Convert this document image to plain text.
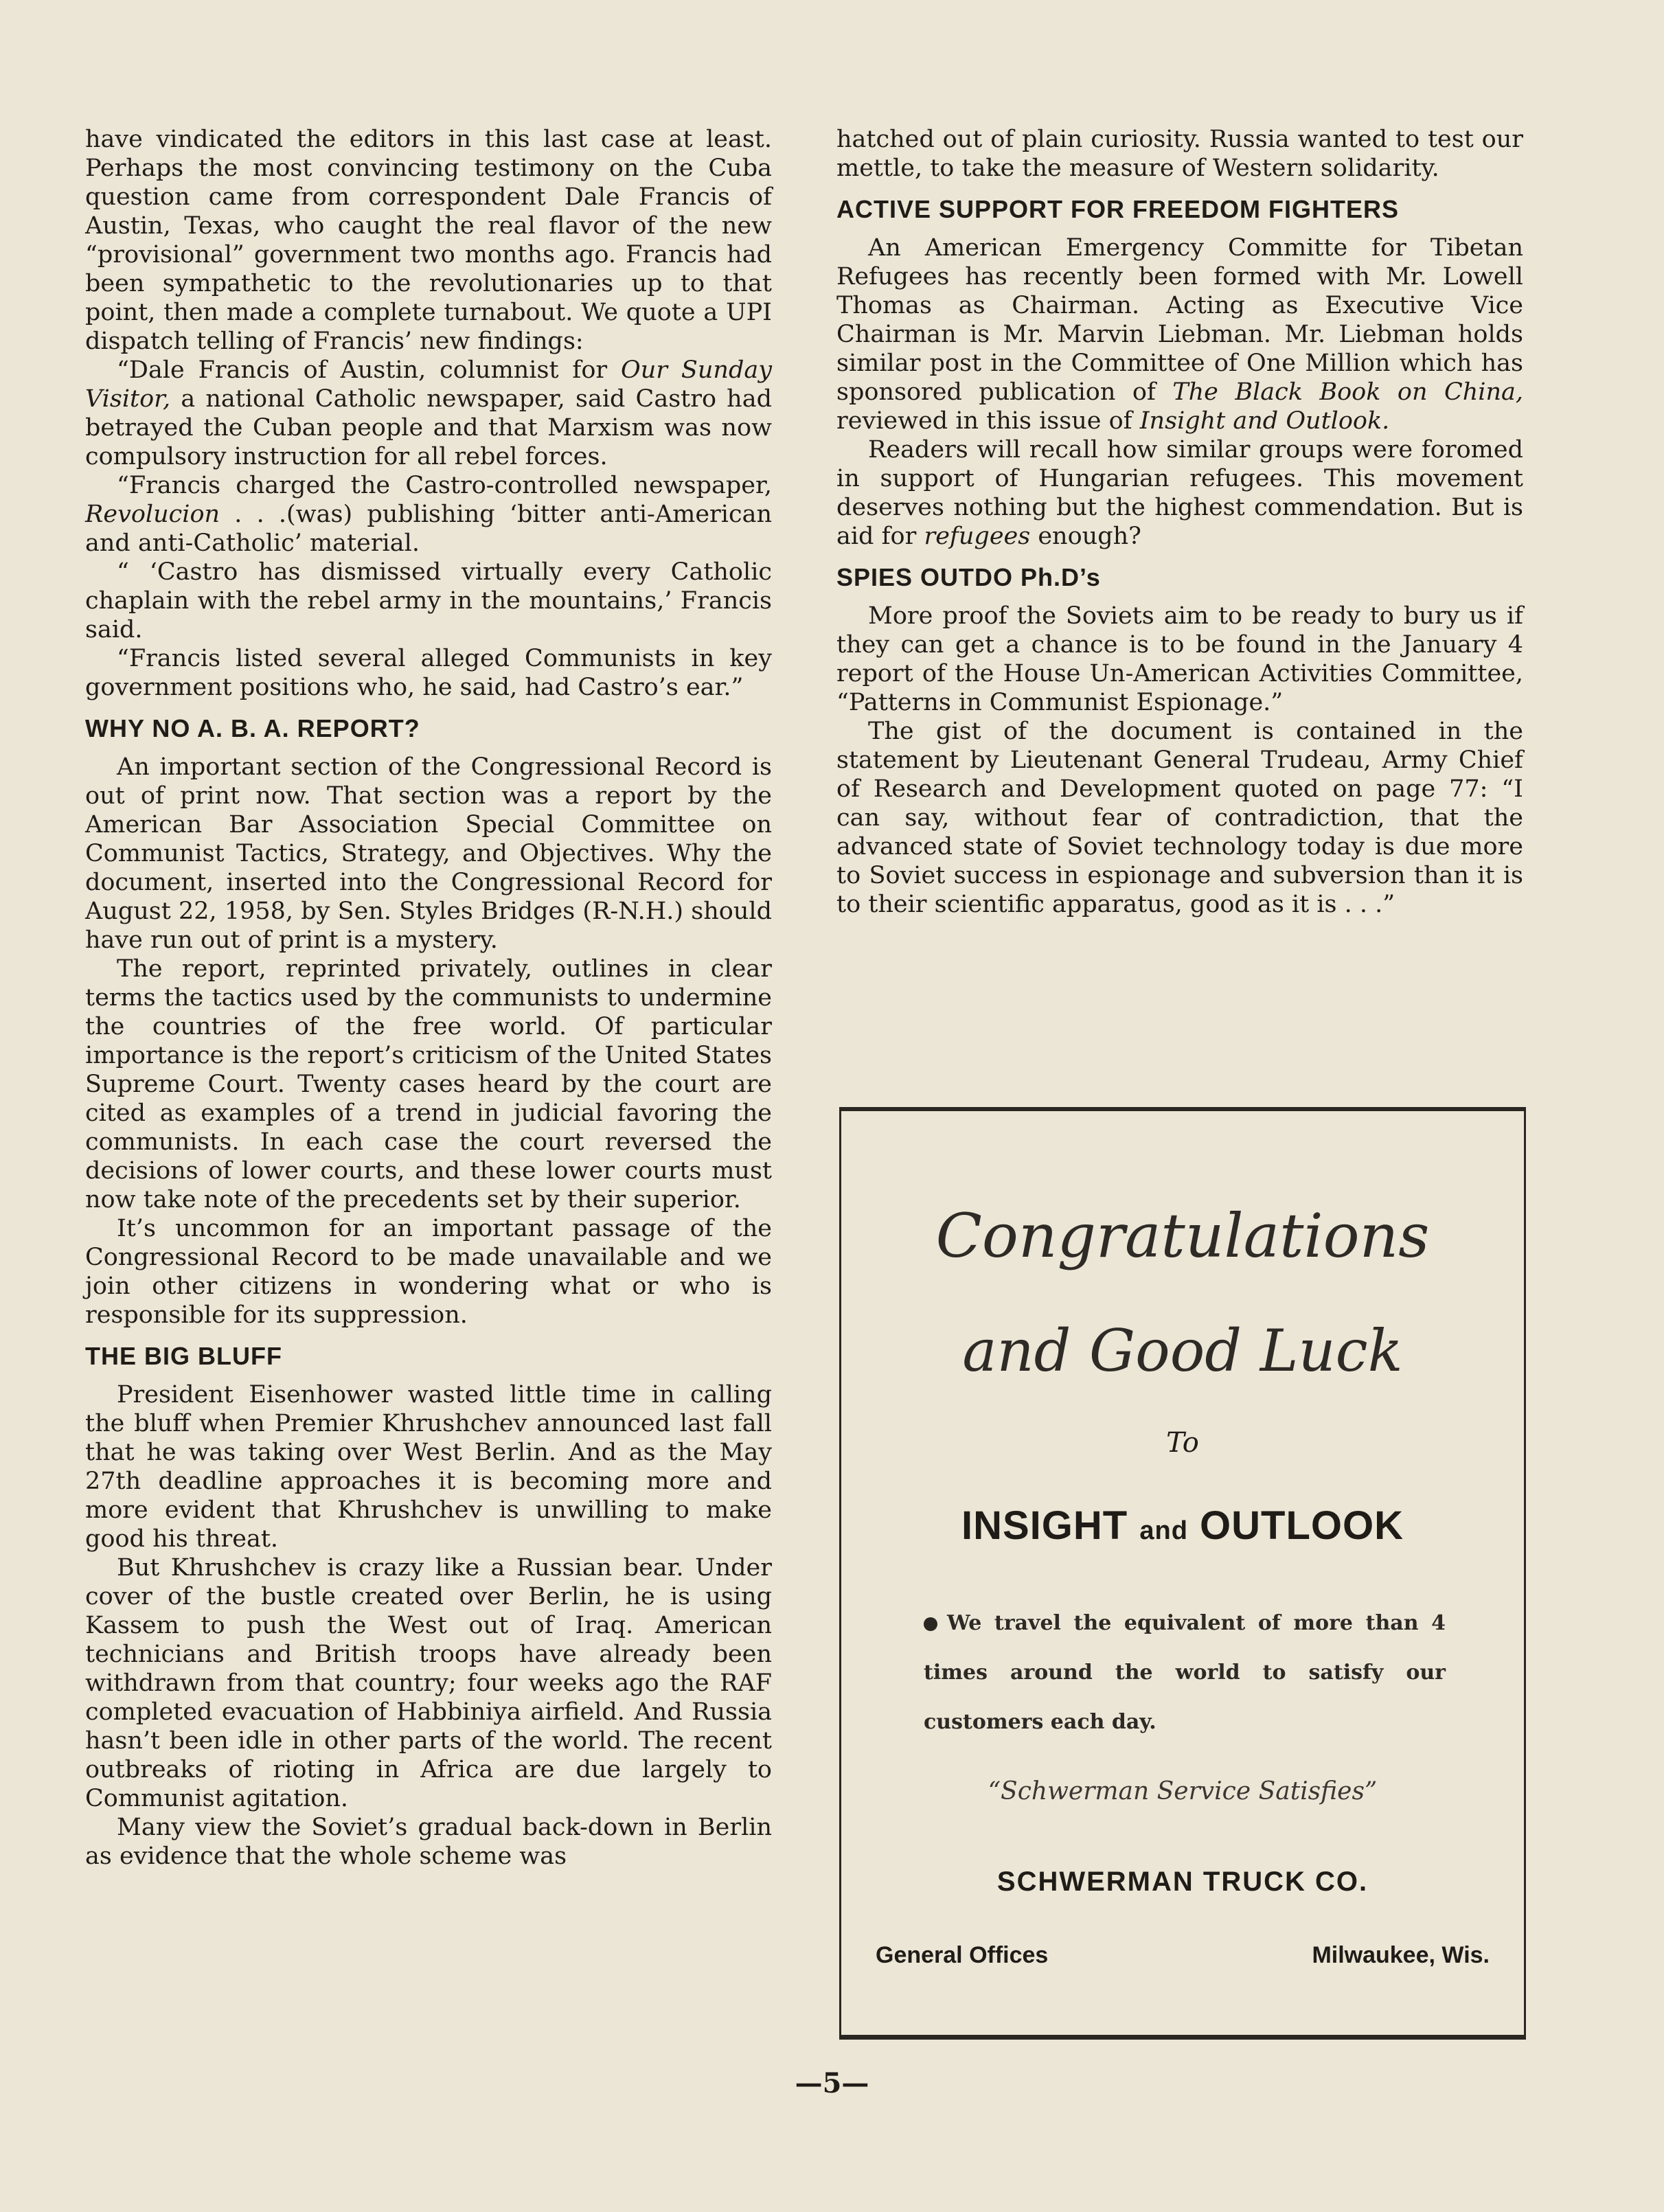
have vindicated the editors in this last case at least. Perhaps the most convincing testimony on the Cuba question came from correspondent Dale Francis of Austin, Texas, who caught the real flavor of the new “provisional” government two months ago. Francis had been sympathetic to the revolutionaries up to that point, then made a complete turnabout. We quote a UPI dispatch telling of Francis’ new findings:

“Dale Francis of Austin, columnist for Our Sunday Visitor, a national Catholic newspaper, said Castro had betrayed the Cuban people and that Marxism was now compulsory instruction for all rebel forces.

“Francis charged the Castro-controlled newspaper, Revolucion . . .(was) publishing ‘bitter anti-American and anti-Catholic’ material.

“ ‘Castro has dismissed virtually every Catholic chaplain with the rebel army in the mountains,’ Francis said.

“Francis listed several alleged Communists in key government positions who, he said, had Castro’s ear.”

WHY NO A. B. A. REPORT?

An important section of the Congressional Record is out of print now. That section was a report by the American Bar Association Special Committee on Communist Tactics, Strategy, and Objectives. Why the document, inserted into the Congressional Record for August 22, 1958, by Sen. Styles Bridges (R-N.H.) should have run out of print is a mystery.

The report, reprinted privately, outlines in clear terms the tactics used by the communists to undermine the countries of the free world. Of particular importance is the report’s criticism of the United States Supreme Court. Twenty cases heard by the court are cited as examples of a trend in judicial favoring the communists. In each case the court reversed the decisions of lower courts, and these lower courts must now take note of the precedents set by their superior.

It’s uncommon for an important passage of the Congressional Record to be made unavailable and we join other citizens in wondering what or who is responsible for its suppression.

THE BIG BLUFF

President Eisenhower wasted little time in calling the bluff when Premier Khrushchev announced last fall that he was taking over West Berlin. And as the May 27th deadline approaches it is becoming more and more evident that Khrushchev is unwilling to make good his threat.

But Khrushchev is crazy like a Russian bear. Under cover of the bustle created over Berlin, he is using Kassem to push the West out of Iraq. American technicians and British troops have already been withdrawn from that country; four weeks ago the RAF completed evacuation of Habbiniya airfield. And Russia hasn’t been idle in other parts of the world. The recent outbreaks of rioting in Africa are due largely to Communist agitation.

Many view the Soviet’s gradual back-down in Berlin as evidence that the whole scheme was

hatched out of plain curiosity. Russia wanted to test our mettle, to take the measure of Western solidarity.

ACTIVE SUPPORT FOR FREEDOM FIGHTERS

An American Emergency Committe for Tibetan Refugees has recently been formed with Mr. Lowell Thomas as Chairman. Acting as Executive Vice Chairman is Mr. Marvin Liebman. Mr. Liebman holds similar post in the Committee of One Million which has sponsored publication of The Black Book on China, reviewed in this issue of Insight and Outlook.

Readers will recall how similar groups were foromed in support of Hungarian refugees. This movement deserves nothing but the highest commendation. But is aid for refugees enough?

SPIES OUTDO Ph.D’s

More proof the Soviets aim to be ready to bury us if they can get a chance is to be found in the January 4 report of the House Un-American Activities Committee, “Patterns in Communist Espionage.”

The gist of the document is contained in the statement by Lieutenant General Trudeau, Army Chief of Research and Development quoted on page 77: “I can say, without fear of contradiction, that the advanced state of Soviet technology today is due more to Soviet success in espionage and subversion than it is to their scientific apparatus, good as it is . . .”

Congratulations
and Good Luck
To
INSIGHT and OUTLOOK
We travel the equivalent of more than 4 times around the world to satisfy our customers each day.
“Schwerman Service Satisfies”
SCHWERMAN TRUCK CO.
General Offices	Milwaukee, Wis.
—5—
